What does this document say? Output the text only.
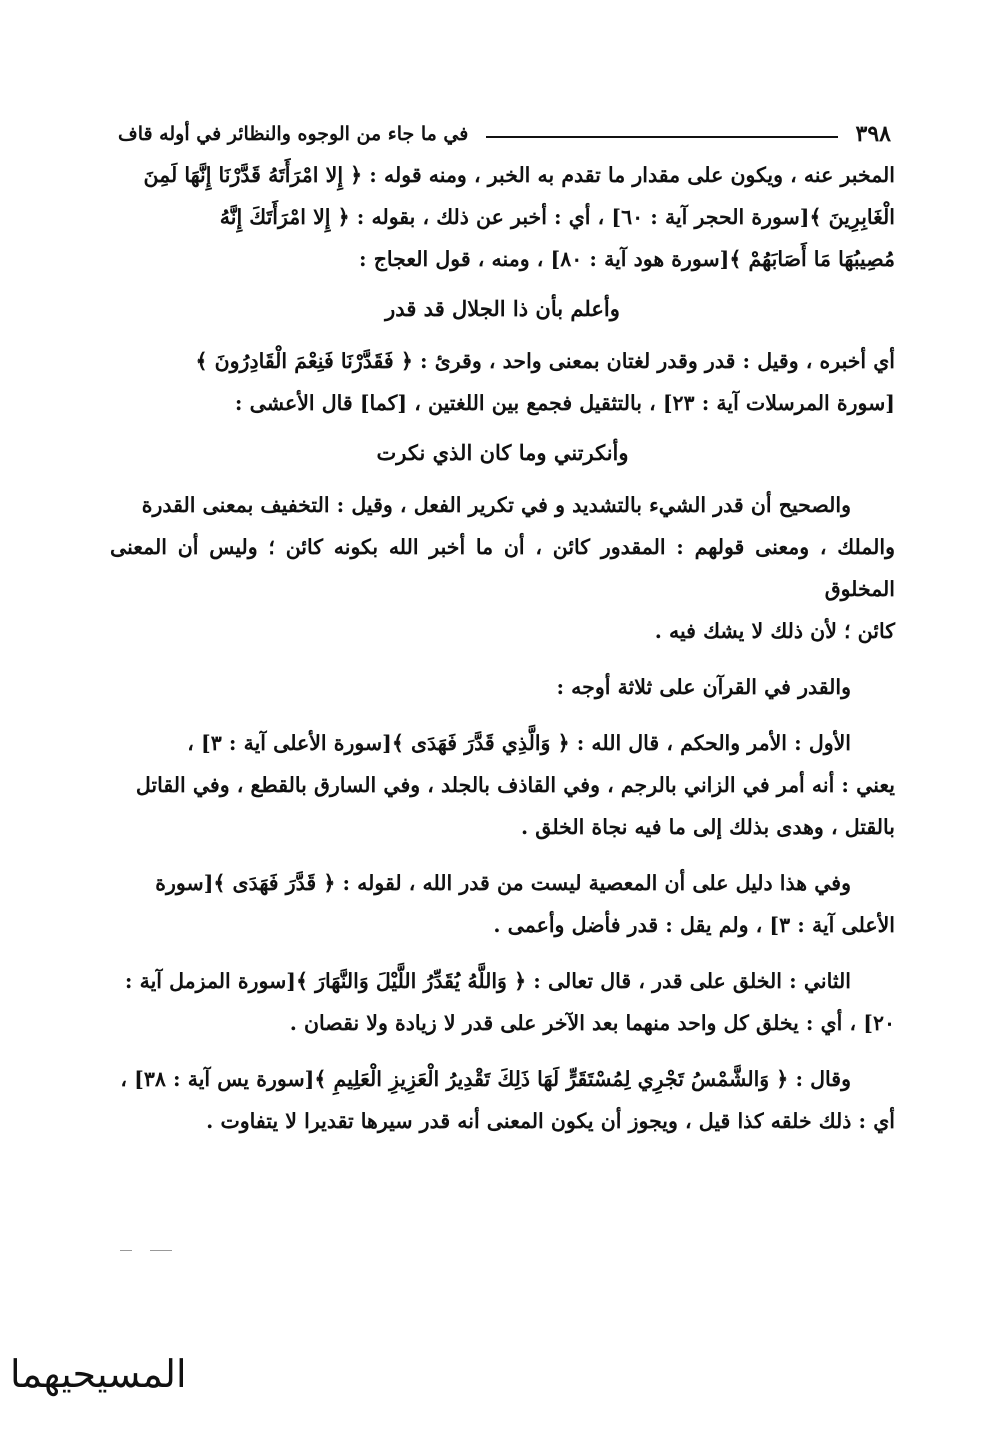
٣٩٨
في ما جاء من الوجوه والنظائر في أوله قاف

المخبر عنه ، ويكون على مقدار ما تقدم به الخبر ، ومنه قوله : ﴿ إِلا امْرَأَتَهُ قَدَّرْنَا إِنَّهَا لَمِنَ
الْغَابِرِينَ ﴾[سورة الحجر آية : ٦٠] ، أي : أخبر عن ذلك ، بقوله : ﴿ إِلا امْرَأَتَكَ إِنَّهُ
مُصِيبُهَا مَا أَصَابَهُمْ ﴾[سورة هود آية : ٨٠] ، ومنه ، قول العجاج :

وأعلم بأن ذا الجلال قد قدر

أي أخبره ، وقيل : قدر وقدر لغتان بمعنى واحد ، وقرئ : ﴿ فَقَدَّرْنَا فَنِعْمَ الْقَادِرُونَ ﴾
[سورة المرسلات آية : ٢٣] ، بالتثقيل فجمع بين اللغتين ، [كما] قال الأعشى :

وأنكرتني وما كان الذي نكرت

والصحيح أن قدر الشيء بالتشديد و في تكرير الفعل ، وقيل : التخفيف بمعنى القدرة
والملك ، ومعنى قولهم : المقدور كائن ، أن ما أخبر الله بكونه كائن ؛ وليس أن المعنى المخلوق
كائن ؛ لأن ذلك لا يشك فيه .

والقدر في القرآن على ثلاثة أوجه :

الأول : الأمر والحكم ، قال الله : ﴿ وَالَّذِي قَدَّرَ فَهَدَى ﴾[سورة الأعلى آية : ٣] ،
يعني : أنه أمر في الزاني بالرجم ، وفي القاذف بالجلد ، وفي السارق بالقطع ، وفي القاتل
بالقتل ، وهدى بذلك إلى ما فيه نجاة الخلق .

وفي هذا دليل على أن المعصية ليست من قدر الله ، لقوله : ﴿ قَدَّرَ فَهَدَى ﴾[سورة
الأعلى آية : ٣] ، ولم يقل : قدر فأضل وأعمى .

الثاني : الخلق على قدر ، قال تعالى : ﴿ وَاللَّهُ يُقَدِّرُ اللَّيْلَ وَالنَّهَارَ ﴾[سورة المزمل آية :
٢٠] ، أي : يخلق كل واحد منهما بعد الآخر على قدر لا زيادة ولا نقصان .

وقال : ﴿ وَالشَّمْسُ تَجْرِي لِمُسْتَقَرٍّ لَهَا ذَلِكَ تَقْدِيرُ الْعَزِيزِ الْعَلِيمِ ﴾[سورة يس آية : ٣٨] ،
أي : ذلك خلقه كذا قيل ، ويجوز أن يكون المعنى أنه قدر سيرها تقديرا لا يتفاوت .

المسيحيهما
